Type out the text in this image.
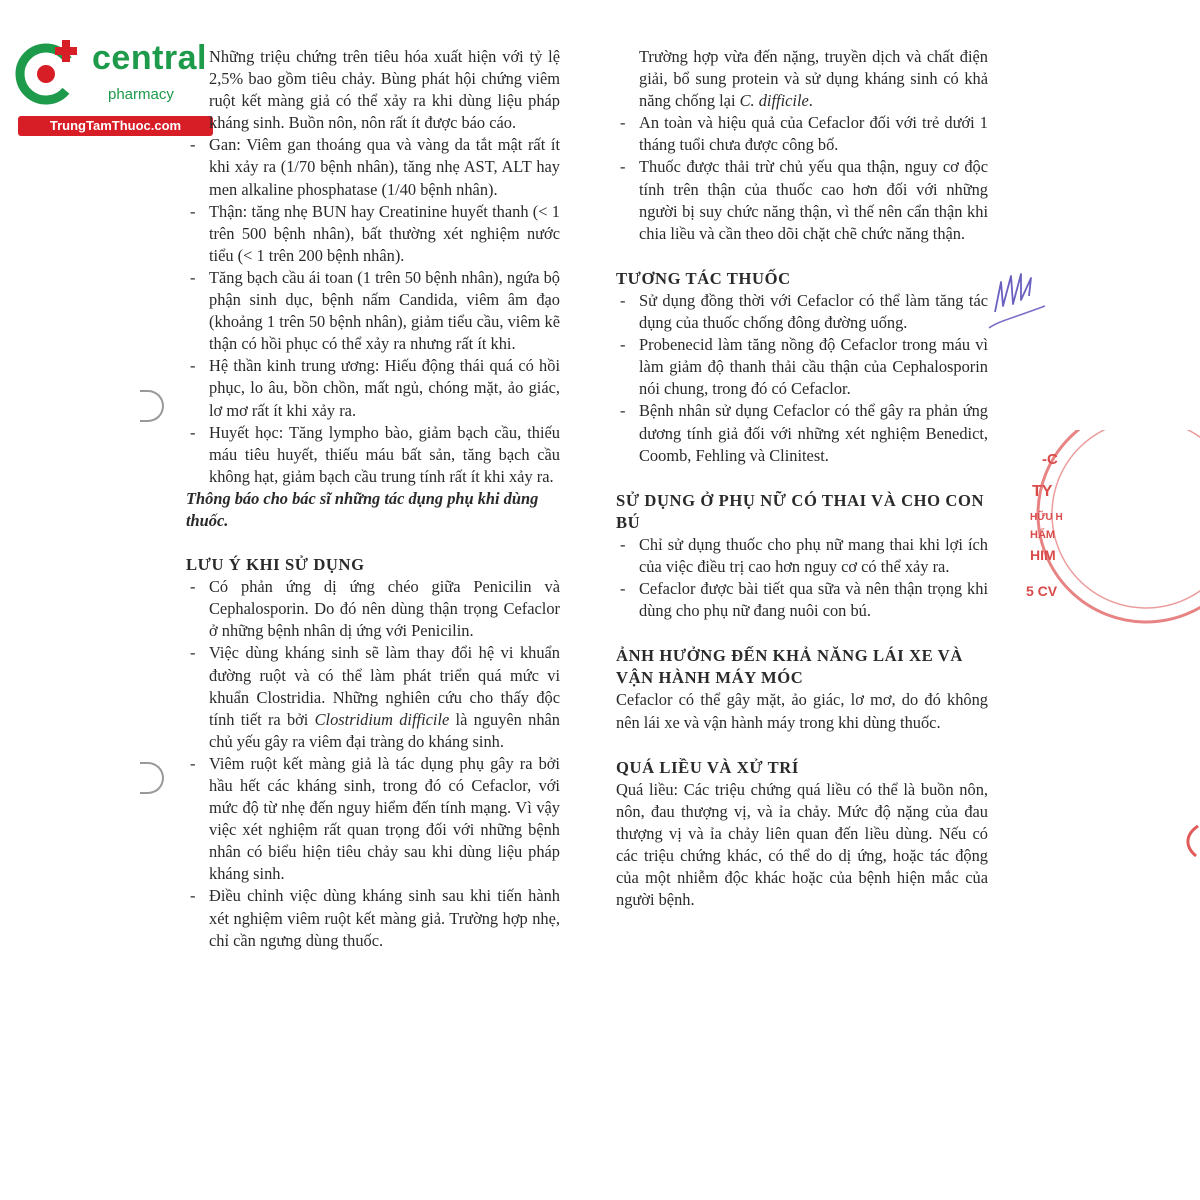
central
pharmacy
TrungTamThuoc.com

Những triệu chứng trên tiêu hóa xuất hiện với tỷ lệ 2,5% bao gồm tiêu chảy. Bùng phát hội chứng viêm ruột kết màng giả có thể xảy ra khi dùng liệu pháp kháng sinh. Buồn nôn, nôn rất ít được báo cáo.

- Gan: Viêm gan thoáng qua và vàng da tắt mật rất ít khi xảy ra (1/70 bệnh nhân), tăng nhẹ AST, ALT hay men alkaline phosphatase (1/40 bệnh nhân).
- Thận: tăng nhẹ BUN hay Creatinine huyết thanh (< 1 trên 500 bệnh nhân), bất thường xét nghiệm nước tiểu (< 1 trên 200 bệnh nhân).
- Tăng bạch cầu ái toan (1 trên 50 bệnh nhân), ngứa bộ phận sinh dục, bệnh nấm Candida, viêm âm đạo (khoảng 1 trên 50 bệnh nhân), giảm tiểu cầu, viêm kẽ thận có hồi phục có thể xảy ra nhưng rất ít khi.
- Hệ thần kinh trung ương: Hiếu động thái quá có hồi phục, lo âu, bồn chồn, mất ngủ, chóng mặt, ảo giác, lơ mơ rất ít khi xảy ra.
- Huyết học: Tăng lympho bào, giảm bạch cầu, thiếu máu tiêu huyết, thiếu máu bất sản, tăng bạch cầu không hạt, giảm bạch cầu trung tính rất ít khi xảy ra.

Thông báo cho bác sĩ những tác dụng phụ khi dùng thuốc.

LƯU Ý KHI SỬ DỤNG

- Có phản ứng dị ứng chéo giữa Penicilin và Cephalosporin. Do đó nên dùng thận trọng Cefaclor ở những bệnh nhân dị ứng với Penicilin.
- Việc dùng kháng sinh sẽ làm thay đổi hệ vi khuẩn đường ruột và có thể làm phát triển quá mức vi khuẩn Clostridia. Những nghiên cứu cho thấy độc tính tiết ra bởi Clostridium difficile là nguyên nhân chủ yếu gây ra viêm đại tràng do kháng sinh.
- Viêm ruột kết màng giả là tác dụng phụ gây ra bởi hầu hết các kháng sinh, trong đó có Cefaclor, với mức độ từ nhẹ đến nguy hiểm đến tính mạng. Vì vậy việc xét nghiệm rất quan trọng đối với những bệnh nhân có biểu hiện tiêu chảy sau khi dùng liệu pháp kháng sinh.
- Điều chỉnh việc dùng kháng sinh sau khi tiến hành xét nghiệm viêm ruột kết màng giả. Trường hợp nhẹ, chỉ cần ngưng dùng thuốc.

Trường hợp vừa đến nặng, truyền dịch và chất điện giải, bổ sung protein và sử dụng kháng sinh có khả năng chống lại C. difficile.

- An toàn và hiệu quả của Cefaclor đối với trẻ dưới 1 tháng tuổi chưa được công bố.
- Thuốc được thải trừ chủ yếu qua thận, nguy cơ độc tính trên thận của thuốc cao hơn đối với những người bị suy chức năng thận, vì thế nên cẩn thận khi chia liều và cần theo dõi chặt chẽ chức năng thận.

TƯƠNG TÁC THUỐC

- Sử dụng đồng thời với Cefaclor có thể làm tăng tác dụng của thuốc chống đông đường uống.
- Probenecid làm tăng nồng độ Cefaclor trong máu vì làm giảm độ thanh thải cầu thận của Cephalosporin nói chung, trong đó có Cefaclor.
- Bệnh nhân sử dụng Cefaclor có thể gây ra phản ứng dương tính giả đối với những xét nghiệm Benedict, Coomb, Fehling và Clinitest.

SỬ DỤNG Ở PHỤ NỮ CÓ THAI VÀ CHO CON BÚ

- Chỉ sử dụng thuốc cho phụ nữ mang thai khi lợi ích của việc điều trị cao hơn nguy cơ có thể xảy ra.
- Cefaclor được bài tiết qua sữa và nên thận trọng khi dùng cho phụ nữ đang nuôi con bú.

ẢNH HƯỞNG ĐẾN KHẢ NĂNG LÁI XE VÀ VẬN HÀNH MÁY MÓC

Cefaclor có thể gây mặt, ảo giác, lơ mơ, do đó không nên lái xe và vận hành máy trong khi dùng thuốc.

QUÁ LIỀU VÀ XỬ TRÍ

Quá liều: Các triệu chứng quá liều có thể là buồn nôn, nôn, đau thượng vị, và ỉa chảy. Mức độ nặng của đau thượng vị và ỉa chảy liên quan đến liều dùng. Nếu có các triệu chứng khác, có thể do dị ứng, hoặc tác động của một nhiễm độc khác hoặc của bệnh hiện mắc của người bệnh.

-C
TY
HỮU H
HẨM
HIM
5 CV
